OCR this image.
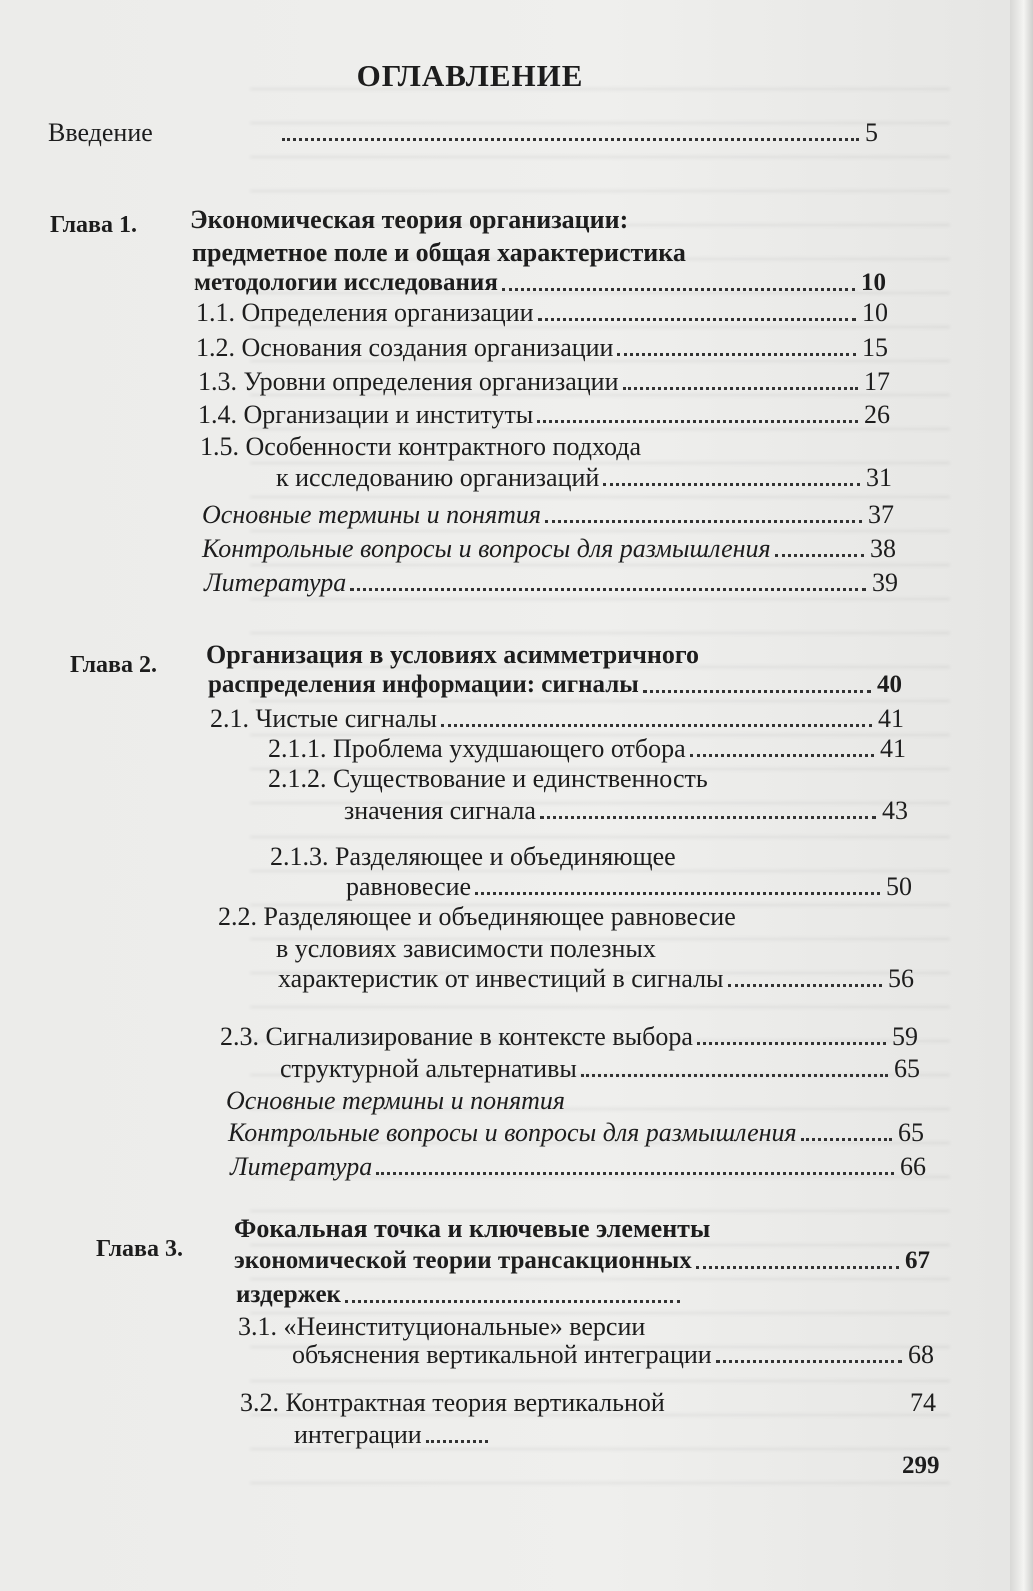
ОГЛАВЛЕНИЕ
Введение	5
Глава 1. Экономическая теория организации:
предметное поле и общая характеристика
методологии исследования	10
1.1. Определения организации	10
1.2. Основания создания организации	15
1.3. Уровни определения организации	17
1.4. Организации и институты	26
1.5. Особенности контрактного подхода
к исследованию организаций	31
Основные термины и понятия	37
Контрольные вопросы и вопросы для размышления	38
Литература	39
Глава 2. Организация в условиях асимметричного
распределения информации: сигналы	40
2.1. Чистые сигналы	41
2.1.1. Проблема ухудшающего отбора	41
2.1.2. Существование и единственность
значения сигнала	43
2.1.3. Разделяющее и объединяющее
равновесие	50
2.2. Разделяющее и объединяющее равновесие
в условиях зависимости полезных
характеристик от инвестиций в сигналы	56
2.3. Сигнализирование в контексте выбора	59
структурной альтернативы	65
Основные термины и понятия
Контрольные вопросы и вопросы для размышления	65
Литература	66
Глава 3.
Фокальная точка и ключевые элементы
экономической теории трансакционных	67
издержек
3.1. «Неинституциональные» версии
объяснения вертикальной интеграции	68
3.2. Контрактная теория вертикальной	74
интеграции
299
